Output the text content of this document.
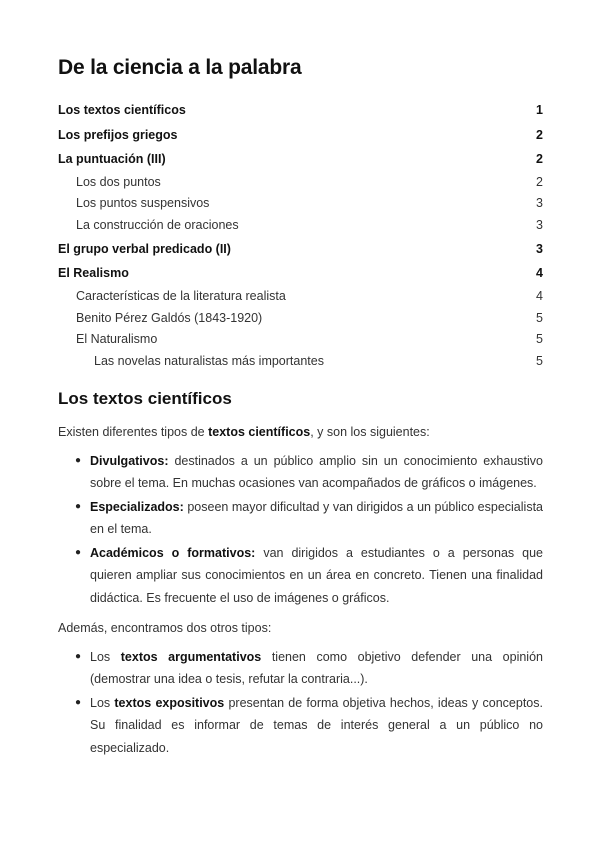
De la ciencia a la palabra
Los textos científicos	1
Los prefijos griegos	2
La puntuación (III)	2
Los dos puntos	2
Los puntos suspensivos	3
La construcción de oraciones	3
El grupo verbal predicado (II)	3
El Realismo	4
Características de la literatura realista	4
Benito Pérez Galdós (1843-1920)	5
El Naturalismo	5
Las novelas naturalistas más importantes	5
Los textos científicos

Existen diferentes tipos de textos científicos, y son los siguientes:

● Divulgativos: destinados a un público amplio sin un conocimiento exhaustivo sobre el tema. En muchas ocasiones van acompañados de gráficos o imágenes.
● Especializados: poseen mayor dificultad y van dirigidos a un público especialista en el tema.
● Académicos o formativos: van dirigidos a estudiantes o a personas que quieren ampliar sus conocimientos en un área en concreto. Tienen una finalidad didáctica. Es frecuente el uso de imágenes o gráficos.

Además, encontramos dos otros tipos:

● Los textos argumentativos tienen como objetivo defender una opinión (demostrar una idea o tesis, refutar la contraria...).
● Los textos expositivos presentan de forma objetiva hechos, ideas y conceptos. Su finalidad es informar de temas de interés general a un público no especializado.
